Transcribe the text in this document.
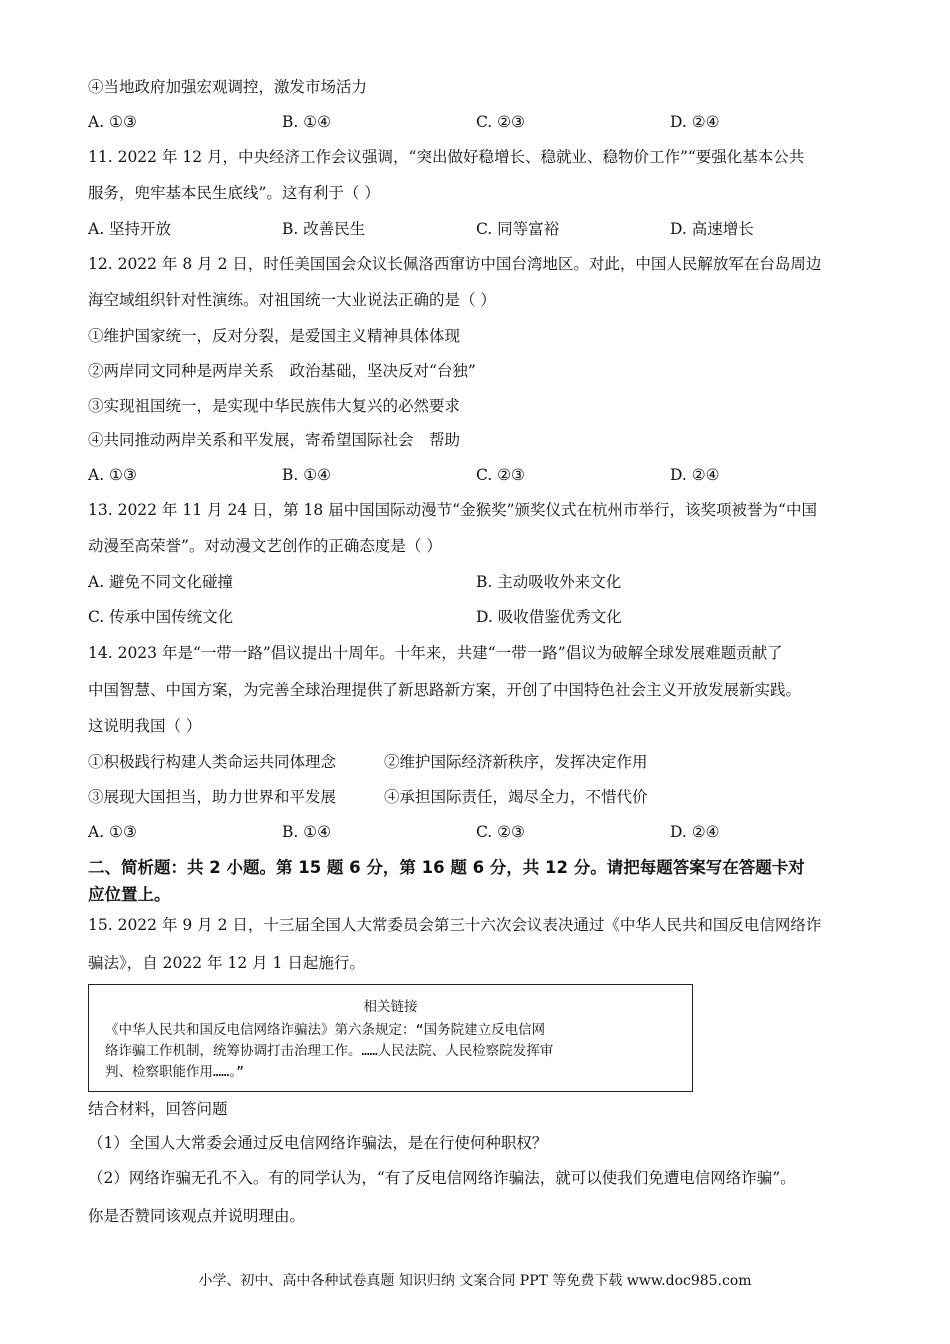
④当地政府加强宏观调控，激发市场活力
A. ①③	B. ①④	C. ②③	D. ②④
11. 2022 年 12 月，中央经济工作会议强调，“突出做好稳增长、稳就业、稳物价工作”“要强化基本公共
服务，兜牢基本民生底线”。这有利于（ ）
A. 坚持开放	B. 改善民生	C. 同等富裕	D. 高速增长
12. 2022 年 8 月 2 日，时任美国国会众议长佩洛西窜访中国台湾地区。对此，中国人民解放军在台岛周边
海空域组织针对性演练。对祖国统一大业说法正确的是（ ）
①维护国家统一，反对分裂，是爱国主义精神具体体现
②两岸同文同种是两岸关系　政治基础，坚决反对“台独”
③实现祖国统一，是实现中华民族伟大复兴的必然要求
④共同推动两岸关系和平发展，寄希望国际社会　帮助
A. ①③	B. ①④	C. ②③	D. ②④
13. 2022 年 11 月 24 日，第 18 届中国国际动漫节“金猴奖”颁奖仪式在杭州市举行，该奖项被誉为“中国
动漫至高荣誉”。对动漫文艺创作的正确态度是（ ）
A. 避免不同文化碰撞	B. 主动吸收外来文化
C. 传承中国传统文化	D. 吸收借鉴优秀文化
14. 2023 年是“一带一路”倡议提出十周年。十年来，共建“一带一路”倡议为破解全球发展难题贡献了
中国智慧、中国方案，为完善全球治理提供了新思路新方案，开创了中国特色社会主义开放发展新实践。
这说明我国（ ）
①积极践行构建人类命运共同体理念	②维护国际经济新秩序，发挥决定作用
③展现大国担当，助力世界和平发展	④承担国际责任，竭尽全力，不惜代价
A. ①③	B. ①④	C. ②③	D. ②④
二、简析题：共 2 小题。第 15 题 6 分，第 16 题 6 分，共 12 分。请把每题答案写在答题卡对
应位置上。
15. 2022 年 9 月 2 日，十三届全国人大常委员会第三十六次会议表决通过《中华人民共和国反电信网络诈
骗法》，自 2022 年 12 月 1 日起施行。
相关链接
《中华人民共和国反电信网络诈骗法》第六条规定：“国务院建立反电信网
络诈骗工作机制，统筹协调打击治理工作。……人民法院、人民检察院发挥审
判、检察职能作用……。”
结合材料，回答问题
（1）全国人大常委会通过反电信网络诈骗法，是在行使何种职权？
（2）网络诈骗无孔不入。有的同学认为，“有了反电信网络诈骗法，就可以使我们免遭电信网络诈骗”。
你是否赞同该观点并说明理由。
小学、初中、高中各种试卷真题 知识归纳 文案合同 PPT 等免费下载 www.doc985.com
